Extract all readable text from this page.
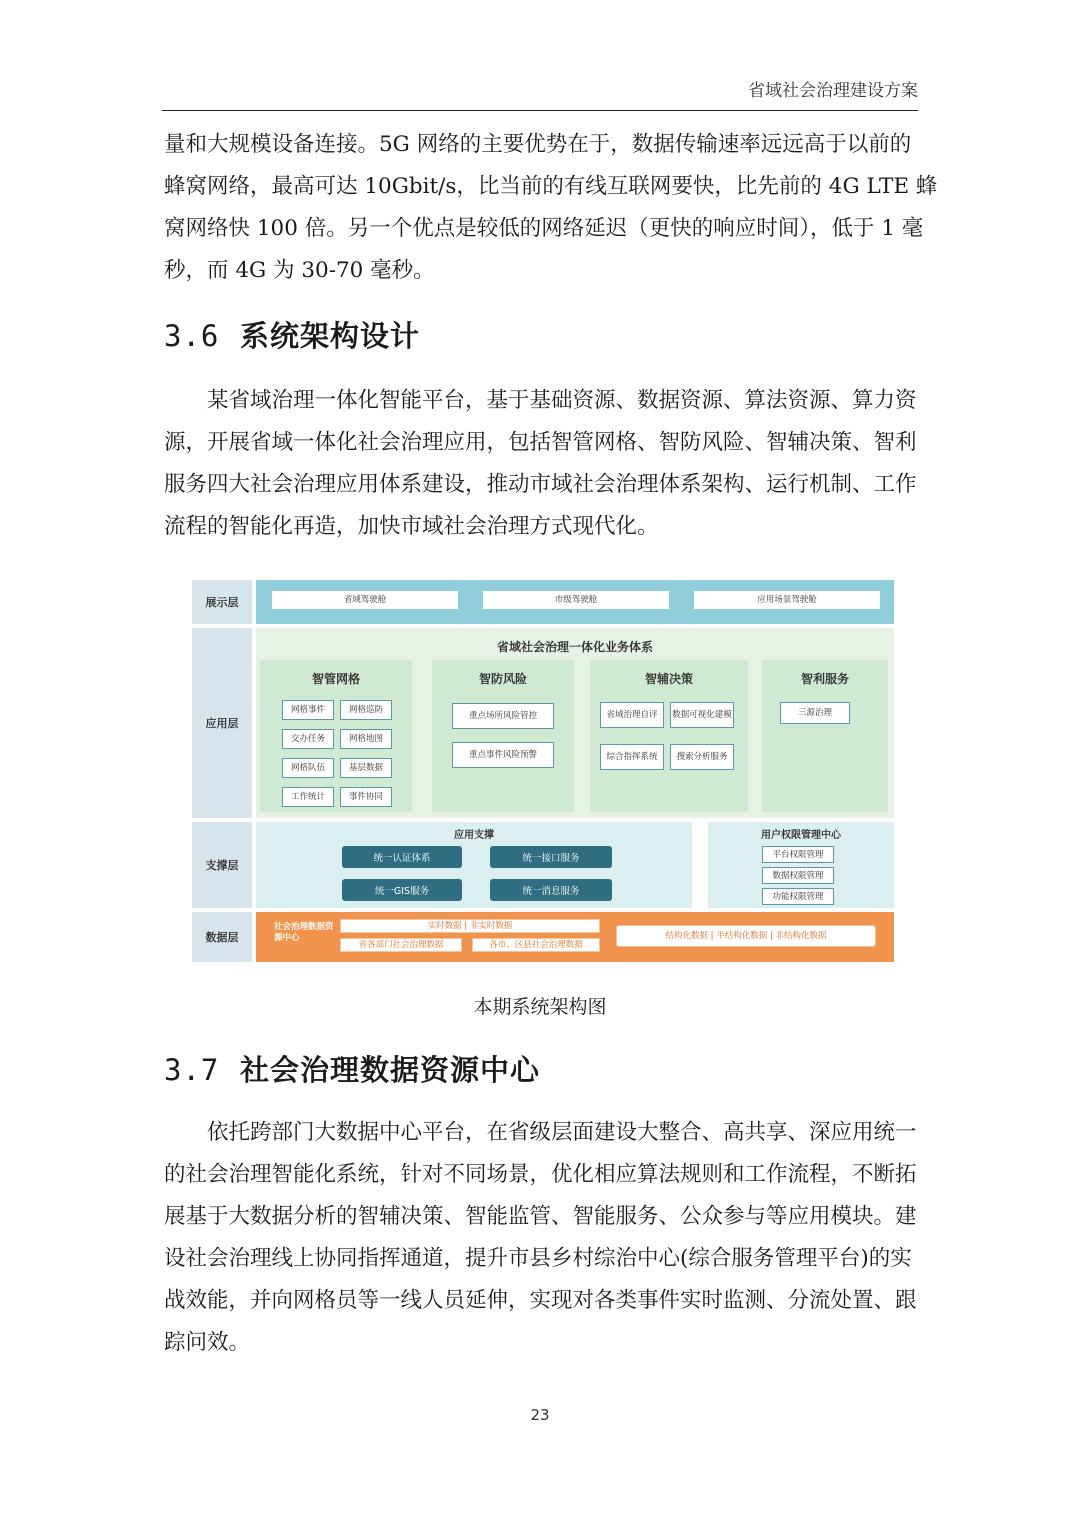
省域社会治理建设方案
量和大规模设备连接。5G 网络的主要优势在于，数据传输速率远远高于以前的
蜂窝网络，最高可达 10Gbit/s，比当前的有线互联网要快，比先前的 4G LTE 蜂
窝网络快 100 倍。另一个优点是较低的网络延迟（更快的响应时间），低于 1 毫
秒，而 4G 为 30-70 毫秒。
3.6 系统架构设计
某省域治理一体化智能平台，基于基础资源、数据资源、算法资源、算力资
源，开展省域一体化社会治理应用，包括智管网格、智防风险、智辅决策、智利
服务四大社会治理应用体系建设，推动市域社会治理体系架构、运行机制、工作
流程的智能化再造，加快市域社会治理方式现代化。
展示层	省域驾驶舱	市级驾驶舱	应用场景驾驶舱
应用层
省域社会治理一体化业务体系
智管网格
网格事件	网格巡防
交办任务	网格地图
网格队伍	基层数据
工作统计	事件协同
智防风险
重点场所风险管控
重点事件风险预警
智辅决策
省域治理自评	数据可视化建模
综合指挥系统	搜索分析服务
智利服务
三源治理
支撑层
应用支撑
统一认证体系	统一接口服务
统一GIS服务	统一消息服务
用户权限管理中心
平台权限管理
数据权限管理
功能权限管理
数据层
社会治理数据资源中心
实时数据 | 非实时数据
省各部门社会治理数据	各市、区县社会治理数据
结构化数据 | 半结构化数据 | 非结构化数据
本期系统架构图
3.7 社会治理数据资源中心
依托跨部门大数据中心平台，在省级层面建设大整合、高共享、深应用统一
的社会治理智能化系统，针对不同场景，优化相应算法规则和工作流程，不断拓
展基于大数据分析的智辅决策、智能监管、智能服务、公众参与等应用模块。建
设社会治理线上协同指挥通道，提升市县乡村综治中心(综合服务管理平台)的实
战效能，并向网格员等一线人员延伸，实现对各类事件实时监测、分流处置、跟
踪问效。
23
